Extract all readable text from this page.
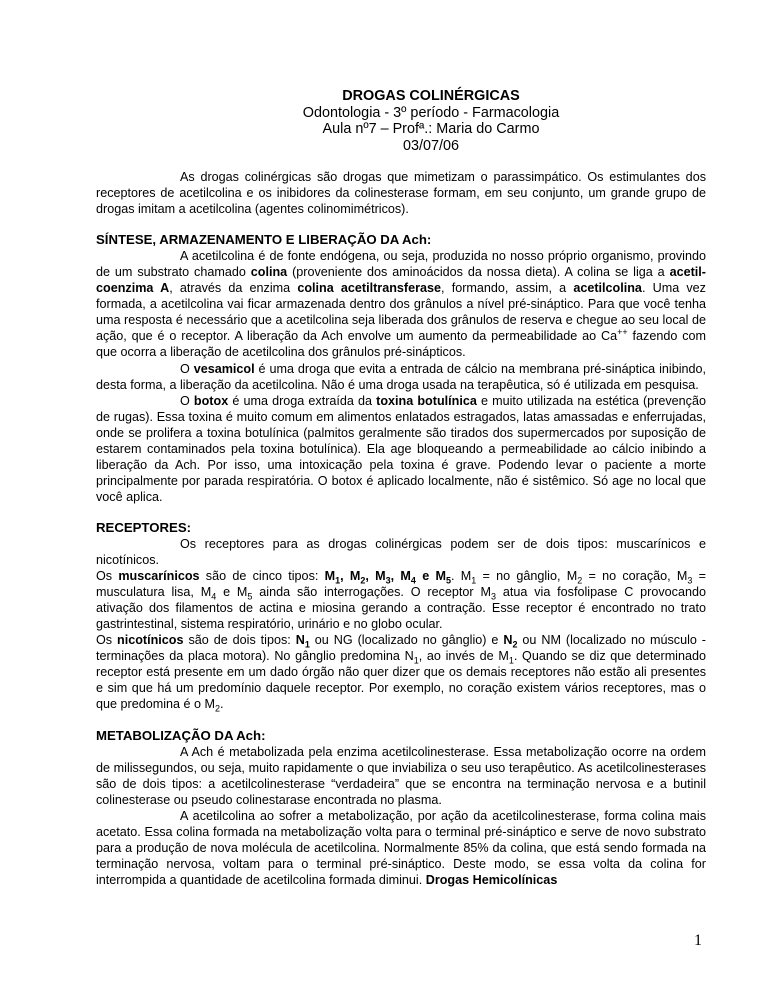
DROGAS COLINÉRGICAS
Odontologia - 3º período - Farmacologia
Aula nº7 – Profª.: Maria do Carmo
03/07/06

As drogas colinérgicas são drogas que mimetizam o parassimpático. Os estimulantes dos receptores de acetilcolina e os inibidores da colinesterase formam, em seu conjunto, um grande grupo de drogas imitam a acetilcolina (agentes colinomimétricos).

SÍNTESE, ARMAZENAMENTO E LIBERAÇÃO DA Ach:

A acetilcolina é de fonte endógena, ou seja, produzida no nosso próprio organismo, provindo de um substrato chamado colina (proveniente dos aminoácidos da nossa dieta). A colina se liga a acetil-coenzima A, através da enzima colina acetiltransferase, formando, assim, a acetilcolina. Uma vez formada, a acetilcolina vai ficar armazenada dentro dos grânulos a nível pré-sináptico. Para que você tenha uma resposta é necessário que a acetilcolina seja liberada dos grânulos de reserva e chegue ao seu local de ação, que é o receptor. A liberação da Ach envolve um aumento da permeabilidade ao Ca++ fazendo com que ocorra a liberação de acetilcolina dos grânulos pré-sinápticos.

O vesamicol é uma droga que evita a entrada de cálcio na membrana pré-sináptica inibindo, desta forma, a liberação da acetilcolina. Não é uma droga usada na terapêutica, só é utilizada em pesquisa.

O botox é uma droga extraída da toxina botulínica e muito utilizada na estética (prevenção de rugas). Essa toxina é muito comum em alimentos enlatados estragados, latas amassadas e enferrujadas, onde se prolifera a toxina botulínica (palmitos geralmente são tirados dos supermercados por suposição de estarem contaminados pela toxina botulínica). Ela age bloqueando a permeabilidade ao cálcio inibindo a liberação da Ach. Por isso, uma intoxicação pela toxina é grave. Podendo levar o paciente a morte principalmente por parada respiratória. O botox é aplicado localmente, não é sistêmico. Só age no local que você aplica.

RECEPTORES:

Os receptores para as drogas colinérgicas podem ser de dois tipos: muscarínicos e nicotínicos.

Os muscarínicos são de cinco tipos: $M_1$, $M_2$, $M_3$, $M_4$ e $M_5$. $M_1$ = no gânglio, $M_2$ = no coração, $M_3$ = musculatura lisa, $M_4$ e $M_5$ ainda são interrogações. O receptor $M_3$ atua via fosfolipase C provocando ativação dos filamentos de actina e miosina gerando a contração. Esse receptor é encontrado no trato gastrintestinal, sistema respiratório, urinário e no globo ocular.

Os nicotínicos são de dois tipos: $N_1$ ou NG (localizado no gânglio) e $N_2$ ou NM (localizado no músculo - terminações da placa motora). No gânglio predomina $N_1$, ao invés de $M_1$. Quando se diz que determinado receptor está presente em um dado órgão não quer dizer que os demais receptores não estão ali presentes e sim que há um predomínio daquele receptor. Por exemplo, no coração existem vários receptores, mas o que predomina é o $M_2$.

METABOLIZAÇÃO DA Ach:

A Ach é metabolizada pela enzima acetilcolinesterase. Essa metabolização ocorre na ordem de milissegundos, ou seja, muito rapidamente o que inviabiliza o seu uso terapêutico. As acetilcolinesterases são de dois tipos: a acetilcolinesterase “verdadeira” que se encontra na terminação nervosa e a butinil colinesterase ou pseudo colinestarase encontrada no plasma.

A acetilcolina ao sofrer a metabolização, por ação da acetilcolinesterase, forma colina mais acetato. Essa colina formada na metabolização volta para o terminal pré-sináptico e serve de novo substrato para a produção de nova molécula de acetilcolina. Normalmente 85% da colina, que está sendo formada na terminação nervosa, voltam para o terminal pré-sináptico. Deste modo, se essa volta da colina for interrompida a quantidade de acetilcolina formada diminui. Drogas Hemicolínicas

1
